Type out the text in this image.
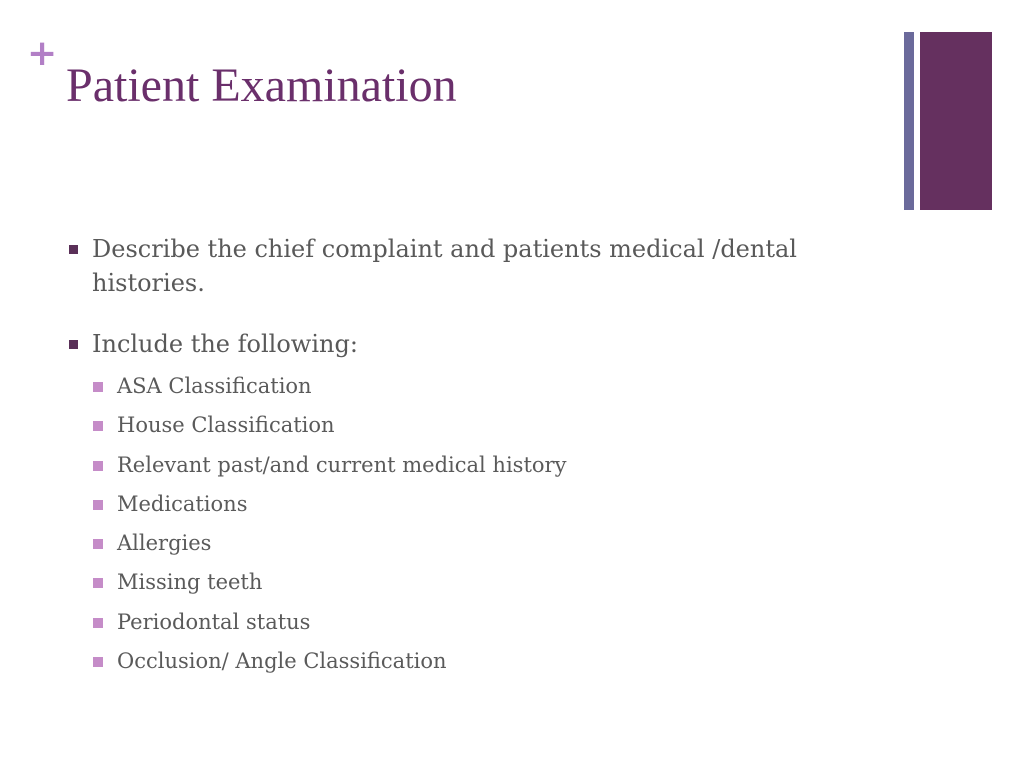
+
Patient Examination
Describe the chief complaint and patients medical /dental histories.
Include the following:
ASA Classification
House Classification
Relevant past/and current medical history
Medications
Allergies
Missing teeth
Periodontal status
Occlusion/ Angle Classification
